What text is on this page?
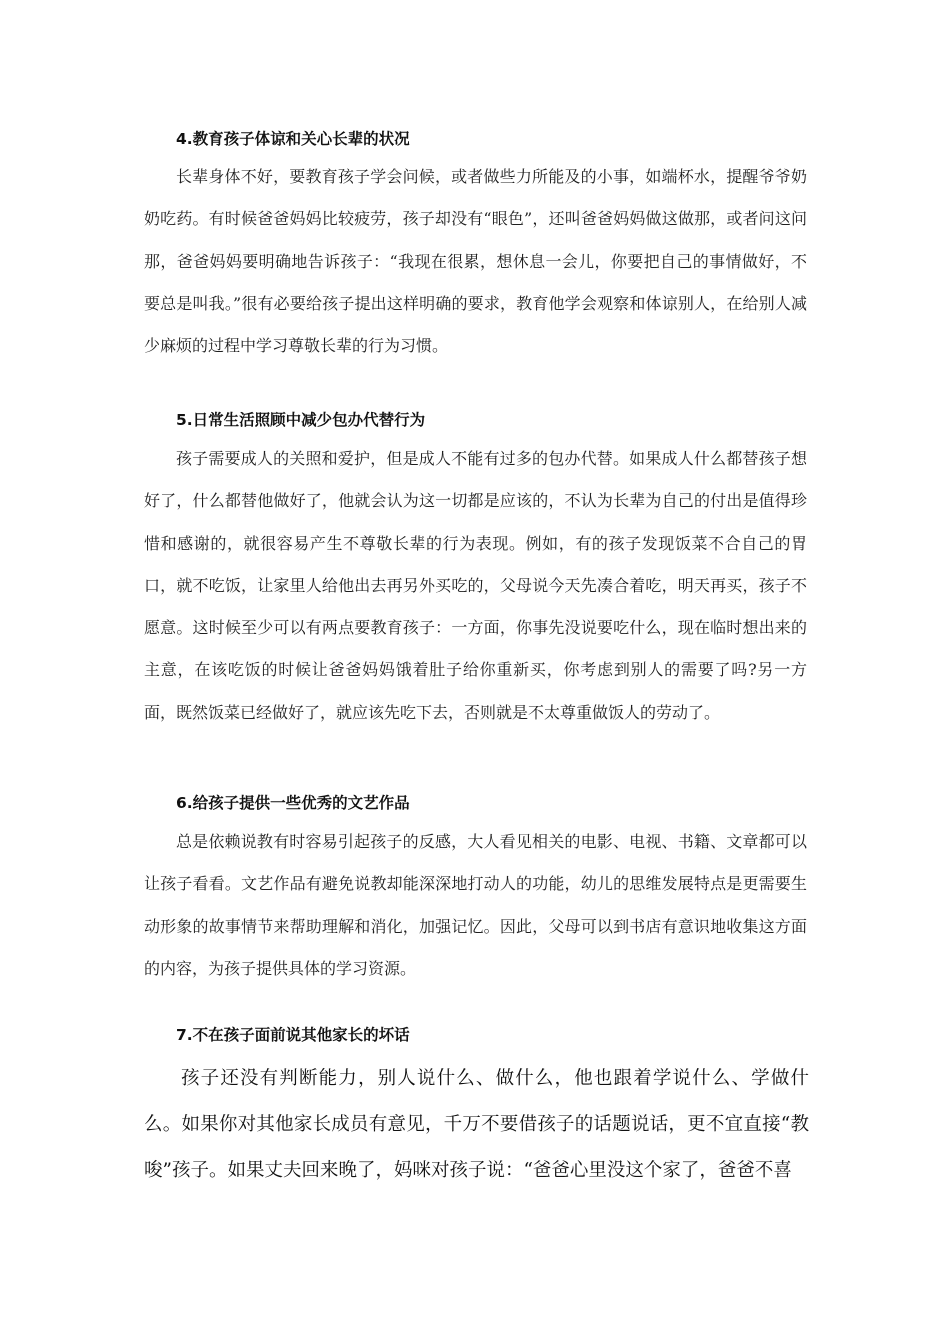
4.教育孩子体谅和关心长辈的状况

长辈身体不好，要教育孩子学会问候，或者做些力所能及的小事，如端杯水，提醒爷爷奶奶吃药。有时候爸爸妈妈比较疲劳，孩子却没有“眼色”，还叫爸爸妈妈做这做那，或者问这问那，爸爸妈妈要明确地告诉孩子：“我现在很累，想休息一会儿，你要把自己的事情做好，不要总是叫我。”很有必要给孩子提出这样明确的要求，教育他学会观察和体谅别人，在给别人减少麻烦的过程中学习尊敬长辈的行为习惯。

5.日常生活照顾中减少包办代替行为

孩子需要成人的关照和爱护，但是成人不能有过多的包办代替。如果成人什么都替孩子想好了，什么都替他做好了，他就会认为这一切都是应该的，不认为长辈为自己的付出是值得珍惜和感谢的，就很容易产生不尊敬长辈的行为表现。例如，有的孩子发现饭菜不合自己的胃口，就不吃饭，让家里人给他出去再另外买吃的，父母说今天先凑合着吃，明天再买，孩子不愿意。这时候至少可以有两点要教育孩子：一方面，你事先没说要吃什么，现在临时想出来的主意，在该吃饭的时候让爸爸妈妈饿着肚子给你重新买，你考虑到别人的需要了吗?另一方面，既然饭菜已经做好了，就应该先吃下去，否则就是不太尊重做饭人的劳动了。

6.给孩子提供一些优秀的文艺作品

总是依赖说教有时容易引起孩子的反感，大人看见相关的电影、电视、书籍、文章都可以让孩子看看。文艺作品有避免说教却能深深地打动人的功能，幼儿的思维发展特点是更需要生动形象的故事情节来帮助理解和消化，加强记忆。因此，父母可以到书店有意识地收集这方面的内容，为孩子提供具体的学习资源。

7.不在孩子面前说其他家长的坏话

孩子还没有判断能力，别人说什么、做什么，他也跟着学说什么、学做什么。如果你对其他家长成员有意见，千万不要借孩子的话题说话，更不宜直接“教唆”孩子。如果丈夫回来晚了，妈咪对孩子说：“爸爸心里没这个家了，爸爸不喜
